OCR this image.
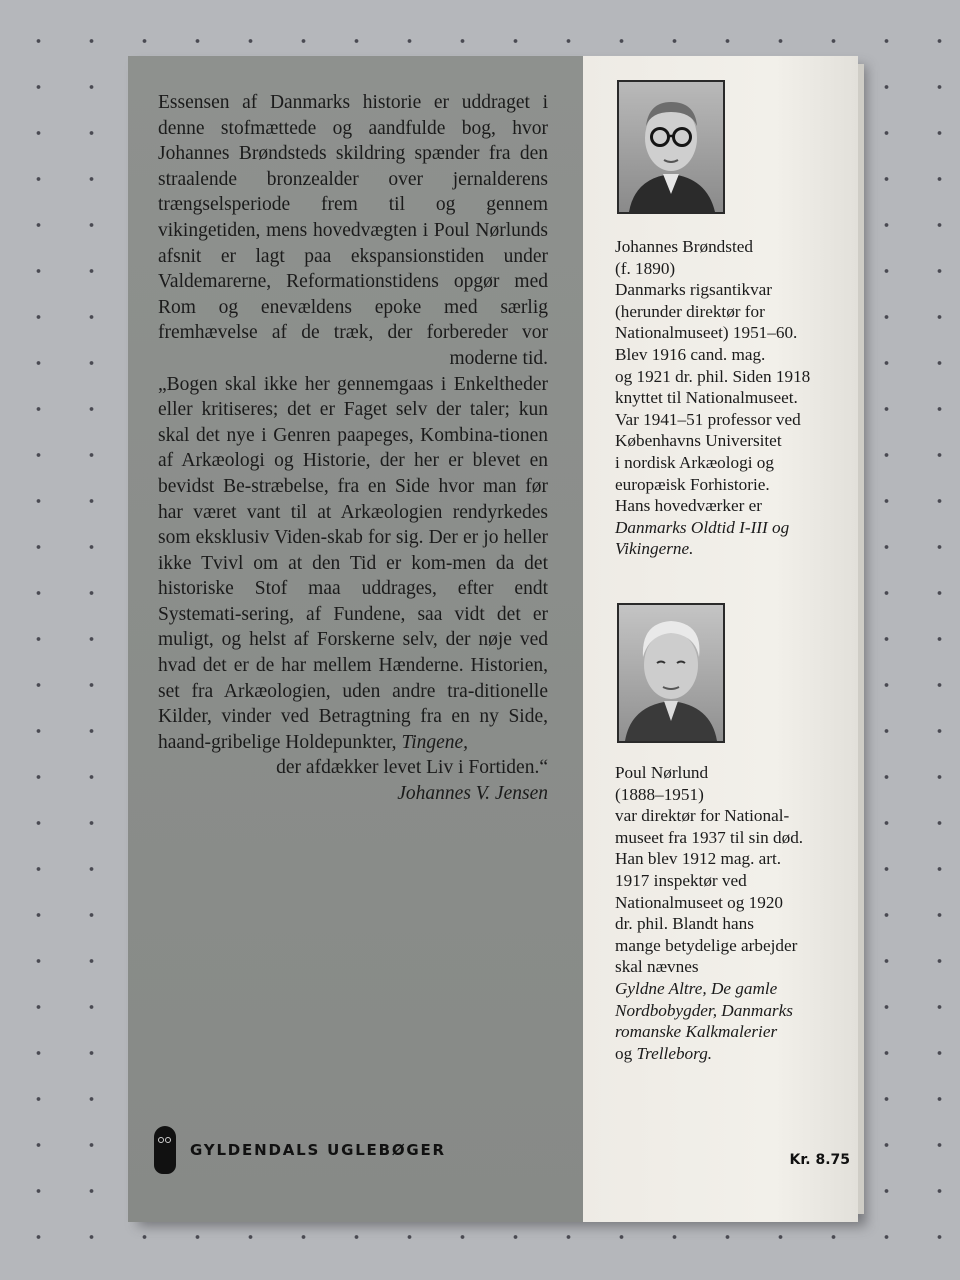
Essensen af Danmarks historie er uddraget i denne stofmættede og aandfulde bog, hvor Johannes Brøndsteds skildring spænder fra den straalende bronzealder over jernalderens trængselsperiode frem til og gennem vikingetiden, mens hovedvægten i Poul Nørlunds afsnit er lagt paa ekspansionstiden under Valdemarerne, Reformationstidens opgør med Rom og enevældens epoke med særlig fremhævelse af de træk, der forbereder vor moderne tid.

„Bogen skal ikke her gennemgaas i Enkeltheder eller kritiseres; det er Faget selv der taler; kun skal det nye i Genren paapeges, Kombina-tionen af Arkæologi og Historie, der her er blevet en bevidst Be-stræbelse, fra en Side hvor man før har været vant til at Arkæologien rendyrkedes som eksklusiv Viden-skab for sig. Der er jo heller ikke Tvivl om at den Tid er kom-men da det historiske Stof maa uddrages, efter endt Systemati-sering, af Fundene, saa vidt det er muligt, og helst af Forskerne selv, der nøje ved hvad det er de har mellem Hænderne. Historien, set fra Arkæologien, uden andre tra-ditionelle Kilder, vinder ved Betragtning fra en ny Side, haand-gribelige Holdepunkter, Tingene,

der afdækker levet Liv i Fortiden.“

Johannes V. Jensen

GYLDENDALS UGLEBØGER
Johannes Brøndsted
(f. 1890)
Danmarks rigsantikvar
(herunder direktør for
Nationalmuseet) 1951–60.
Blev 1916 cand. mag.
og 1921 dr. phil. Siden 1918
knyttet til Nationalmuseet.
Var 1941–51 professor ved
Københavns Universitet
i nordisk Arkæologi og
europæisk Forhistorie.
Hans hovedværker er
Danmarks Oldtid I-III og
Vikingerne.
Poul Nørlund
(1888–1951)
var direktør for National-
museet fra 1937 til sin død.
Han blev 1912 mag. art.
1917 inspektør ved
Nationalmuseet og 1920
dr. phil. Blandt hans
mange betydelige arbejder
skal nævnes
Gyldne Altre, De gamle
Nordbobygder, Danmarks
romanske Kalkmalerier
og Trelleborg.
Kr. 8.75
